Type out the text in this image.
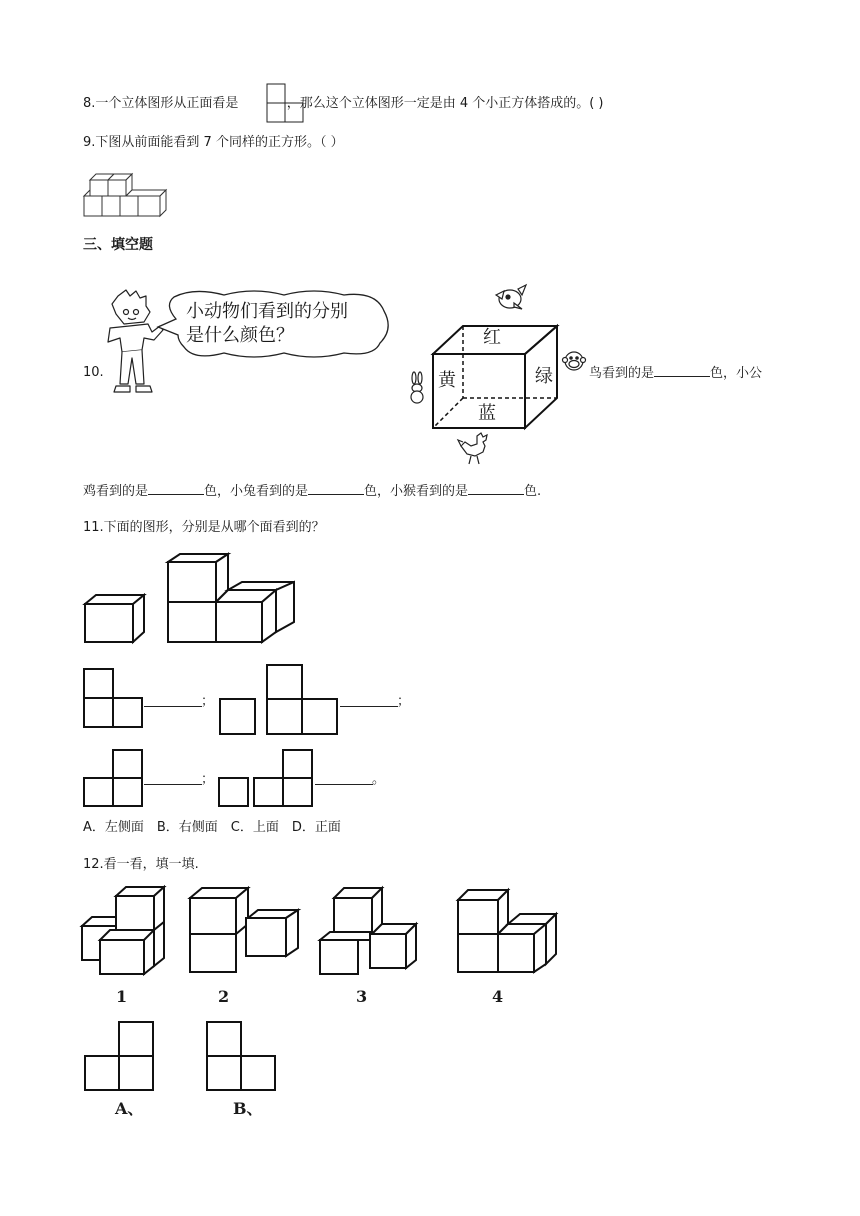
8.一个立体图形从正面看是	，那么这个立体图形一定是由 4 个小正方体搭成的。( )
9.下图从前面能看到 7 个同样的正方形。（ ）
三、填空题
10.
小动物们看到的分别
是什么颜色？	红
黄	绿
蓝
鸟看到的是	色，小公
鸡看到的是	色，小兔看到的是	色，小猴看到的是	色.
11.下面的图形，分别是从哪个面看到的？
；	；
；	。
A．左侧面　B．右侧面　C．上面　D．正面
12.看一看，填一填.
1	2	3	4
A、	B、
